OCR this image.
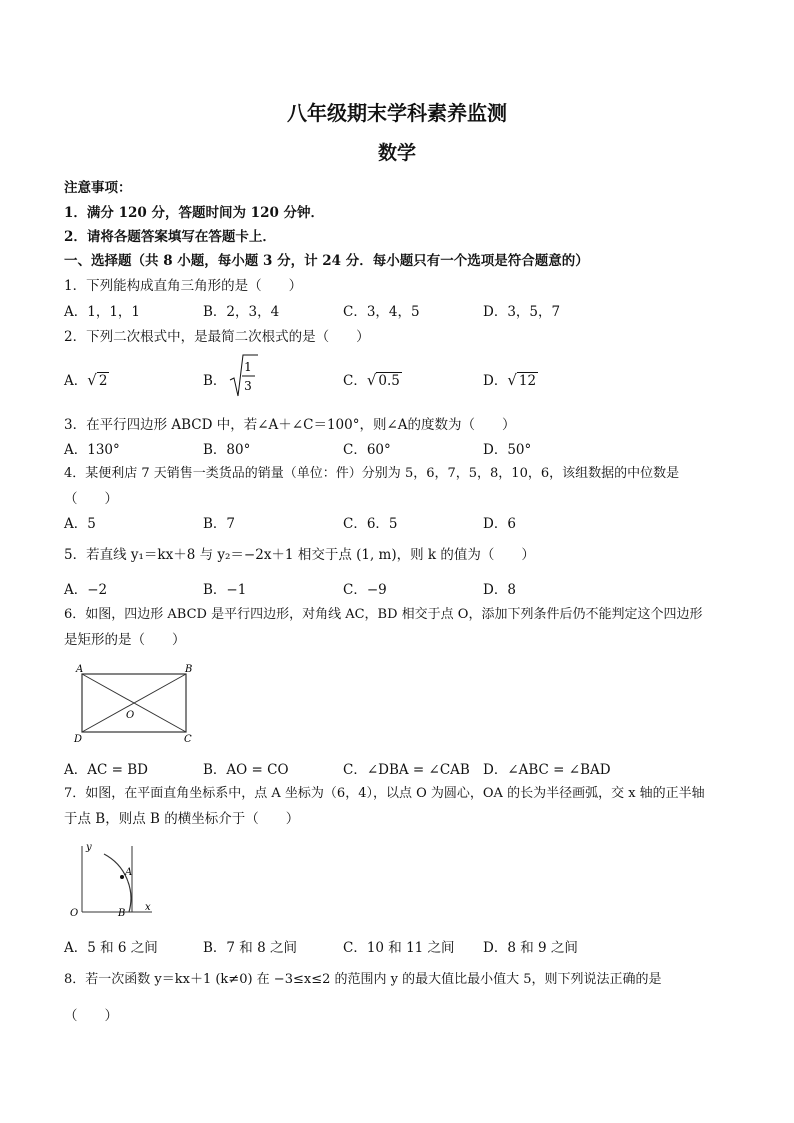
八年级期末学科素养监测
数学
注意事项：
1．满分 120 分，答题时间为 120 分钟．
2．请将各题答案填写在答题卡上．
一、选择题（共 8 小题，每小题 3 分，计 24 分．每小题只有一个选项是符合题意的）
1．下列能构成直角三角形的是（　　）
A．1，1，1	B．2，3，4	C．3，4，5	D．3，5，7
2．下列二次根式中，是最简二次根式的是（　　）
A．√ 2	B．
1
3	C．√ 0.5	D．√ 12
3．在平行四边形 ABCD 中，若∠A＋∠C＝100°，则∠A的度数为（　　）
A．130°	B．80°	C．60°	D．50°
4．某便利店 7 天销售一类货品的销量（单位：件）分别为 5，6，7，5，8，10，6，该组数据的中位数是
（　　）
A．5	B．7	C．6．5	D．6
5．若直线 y₁＝kx＋8 与 y₂＝−2x＋1 相交于点 (1, m)，则 k 的值为（　　）
A．−2	B．−1	C．−9	D．8
6．如图，四边形 ABCD 是平行四边形，对角线 AC，BD 相交于点 O，添加下列条件后仍不能判定这个四边形
是矩形的是（　　）
A	B
C
D
O
A．AC = BD	B．AO = CO	C．∠DBA = ∠CAB D．∠ABC = ∠BAD
7．如图，在平面直角坐标系中，点 A 坐标为（6，4），以点 O 为圆心，OA 的长为半径画弧，交 x 轴的正半轴
于点 B，则点 B 的横坐标介于（　　）
y
x
O
A
B
A．5 和 6 之间	B．7 和 8 之间	C．10 和 11 之间 D．8 和 9 之间
8．若一次函数 y＝kx＋1 (k≠0) 在 −3≤x≤2 的范围内 y 的最大值比最小值大 5，则下列说法正确的是
（　　）
